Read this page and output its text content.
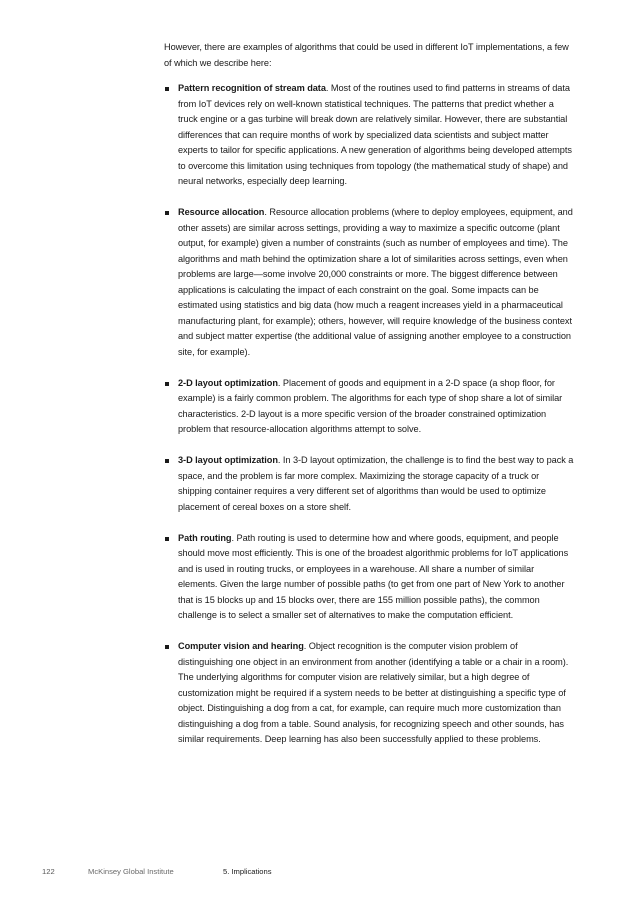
However, there are examples of algorithms that could be used in different IoT implementations, a few of which we describe here:

Pattern recognition of stream data. Most of the routines used to find patterns in streams of data from IoT devices rely on well-known statistical techniques. The patterns that predict whether a truck engine or a gas turbine will break down are relatively similar. However, there are substantial differences that can require months of work by specialized data scientists and subject matter experts to tailor for specific applications. A new generation of algorithms being developed attempts to overcome this limitation using techniques from topology (the mathematical study of shape) and neural networks, especially deep learning.
Resource allocation. Resource allocation problems (where to deploy employees, equipment, and other assets) are similar across settings, providing a way to maximize a specific outcome (plant output, for example) given a number of constraints (such as number of employees and time). The algorithms and math behind the optimization share a lot of similarities across settings, even when problems are large—some involve 20,000 constraints or more. The biggest difference between applications is calculating the impact of each constraint on the goal. Some impacts can be estimated using statistics and big data (how much a reagent increases yield in a pharmaceutical manufacturing plant, for example); others, however, will require knowledge of the business context and subject matter expertise (the additional value of assigning another employee to a construction site, for example).
2-D layout optimization. Placement of goods and equipment in a 2-D space (a shop floor, for example) is a fairly common problem. The algorithms for each type of shop share a lot of similar characteristics. 2-D layout is a more specific version of the broader constrained optimization problem that resource-allocation algorithms attempt to solve.
3-D layout optimization. In 3-D layout optimization, the challenge is to find the best way to pack a space, and the problem is far more complex. Maximizing the storage capacity of a truck or shipping container requires a very different set of algorithms than would be used to optimize placement of cereal boxes on a store shelf.
Path routing. Path routing is used to determine how and where goods, equipment, and people should move most efficiently. This is one of the broadest algorithmic problems for IoT applications and is used in routing trucks, or employees in a warehouse. All share a number of similar elements. Given the large number of possible paths (to get from one part of New York to another that is 15 blocks up and 15 blocks over, there are 155 million possible paths), the common challenge is to select a smaller set of alternatives to make the computation efficient.
Computer vision and hearing. Object recognition is the computer vision problem of distinguishing one object in an environment from another (identifying a table or a chair in a room). The underlying algorithms for computer vision are relatively similar, but a high degree of customization might be required if a system needs to be better at distinguishing a specific type of object. Distinguishing a dog from a cat, for example, can require much more customization than distinguishing a dog from a table. Sound analysis, for recognizing speech and other sounds, has similar requirements. Deep learning has also been successfully applied to these problems.
122	McKinsey Global Institute	5. Implications
